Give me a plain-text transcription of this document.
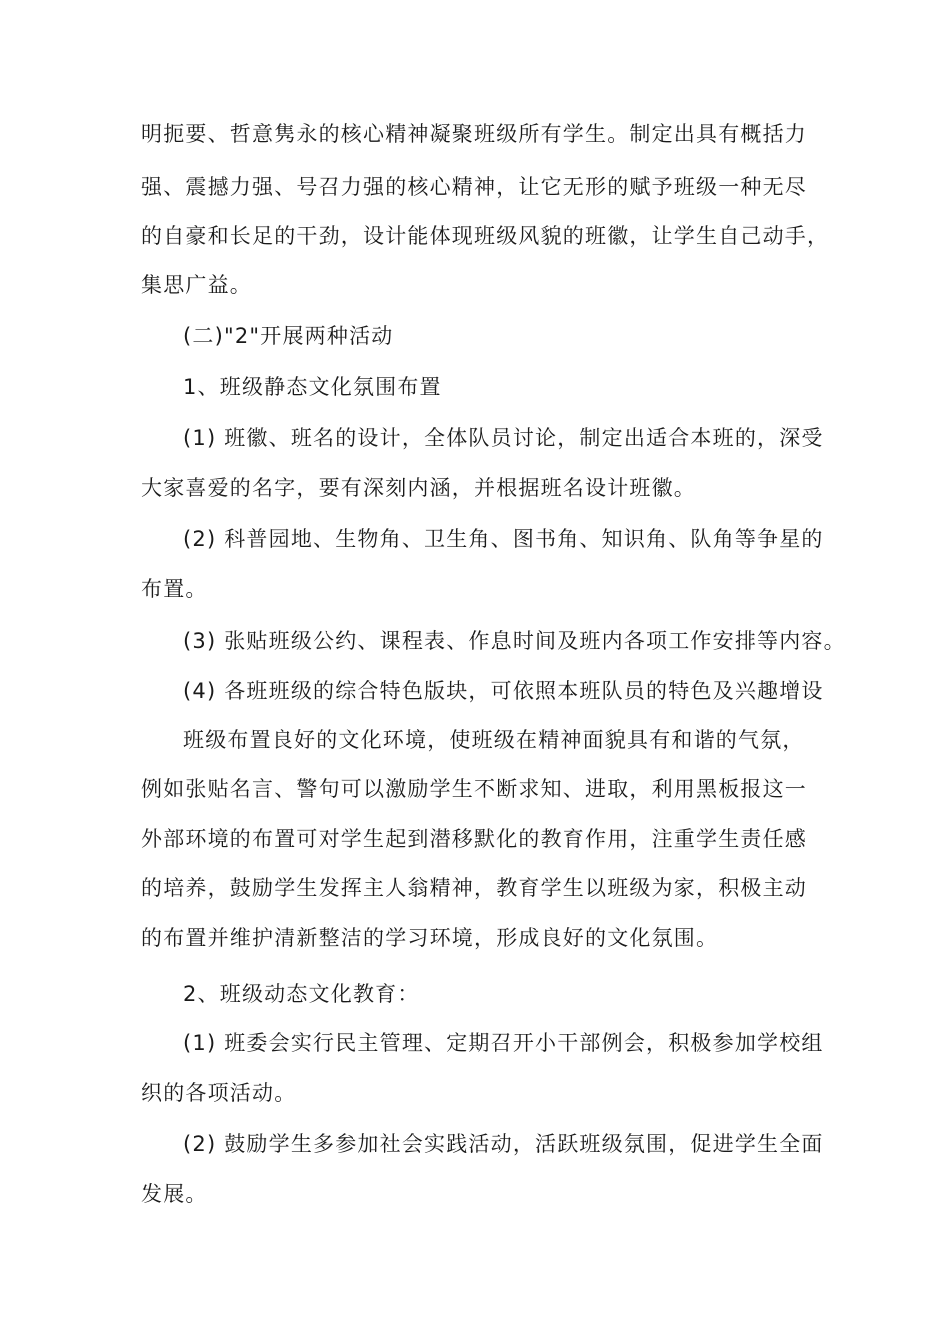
明扼要、哲意隽永的核心精神凝聚班级所有学生。制定出具有概括力
强、震撼力强、号召力强的核心精神，让它无形的赋予班级一种无尽
的自豪和长足的干劲，设计能体现班级风貌的班徽，让学生自己动手，
集思广益。
(二)"2"开展两种活动
1、班级静态文化氛围布置
(1) 班徽、班名的设计，全体队员讨论，制定出适合本班的，深受
大家喜爱的名字，要有深刻内涵，并根据班名设计班徽。
(2) 科普园地、生物角、卫生角、图书角、知识角、队角等争星的
布置。
(3) 张贴班级公约、课程表、作息时间及班内各项工作安排等内容。
(4) 各班班级的综合特色版块，可依照本班队员的特色及兴趣增设
班级布置良好的文化环境，使班级在精神面貌具有和谐的气氛，
例如张贴名言、警句可以激励学生不断求知、进取，利用黑板报这一
外部环境的布置可对学生起到潜移默化的教育作用，注重学生责任感
的培养，鼓励学生发挥主人翁精神，教育学生以班级为家，积极主动
的布置并维护清新整洁的学习环境，形成良好的文化氛围。
2、班级动态文化教育：
(1) 班委会实行民主管理、定期召开小干部例会，积极参加学校组
织的各项活动。
(2) 鼓励学生多参加社会实践活动，活跃班级氛围，促进学生全面
发展。
